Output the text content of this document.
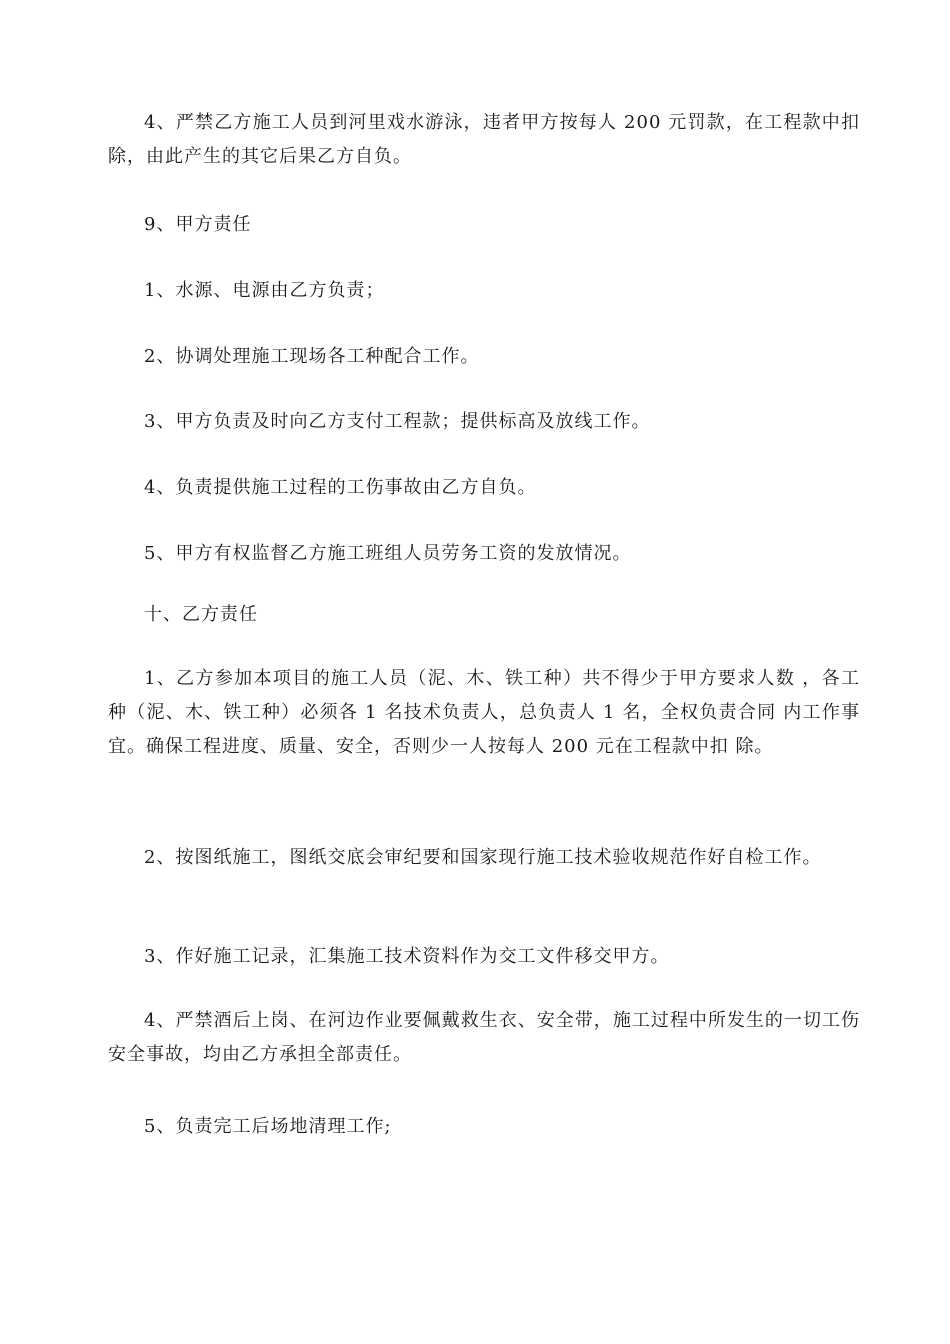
4、严禁乙方施工人员到河里戏水游泳，违者甲方按每人 200 元罚款，在工程款中扣除，由此产生的其它后果乙方自负。

9、甲方责任

1、水源、电源由乙方负责；

2、协调处理施工现场各工种配合工作。

3、甲方负责及时向乙方支付工程款；提供标高及放线工作。

4、负责提供施工过程的工伤事故由乙方自负。

5、甲方有权监督乙方施工班组人员劳务工资的发放情况。

十、乙方责任

1、乙方参加本项目的施工人员（泥、木、铁工种）共不得少于甲方要求人数 ，各工种（泥、木、铁工种）必须各 1 名技术负责人，总负责人 1 名，全权负责合同 内工作事宜。确保工程进度、质量、安全，否则少一人按每人 200 元在工程款中扣 除。

2、按图纸施工，图纸交底会审纪要和国家现行施工技术验收规范作好自检工作。

3、作好施工记录，汇集施工技术资料作为交工文件移交甲方。

4、严禁酒后上岗、在河边作业要佩戴救生衣、安全带，施工过程中所发生的一切工伤安全事故，均由乙方承担全部责任。

5、负责完工后场地清理工作;
